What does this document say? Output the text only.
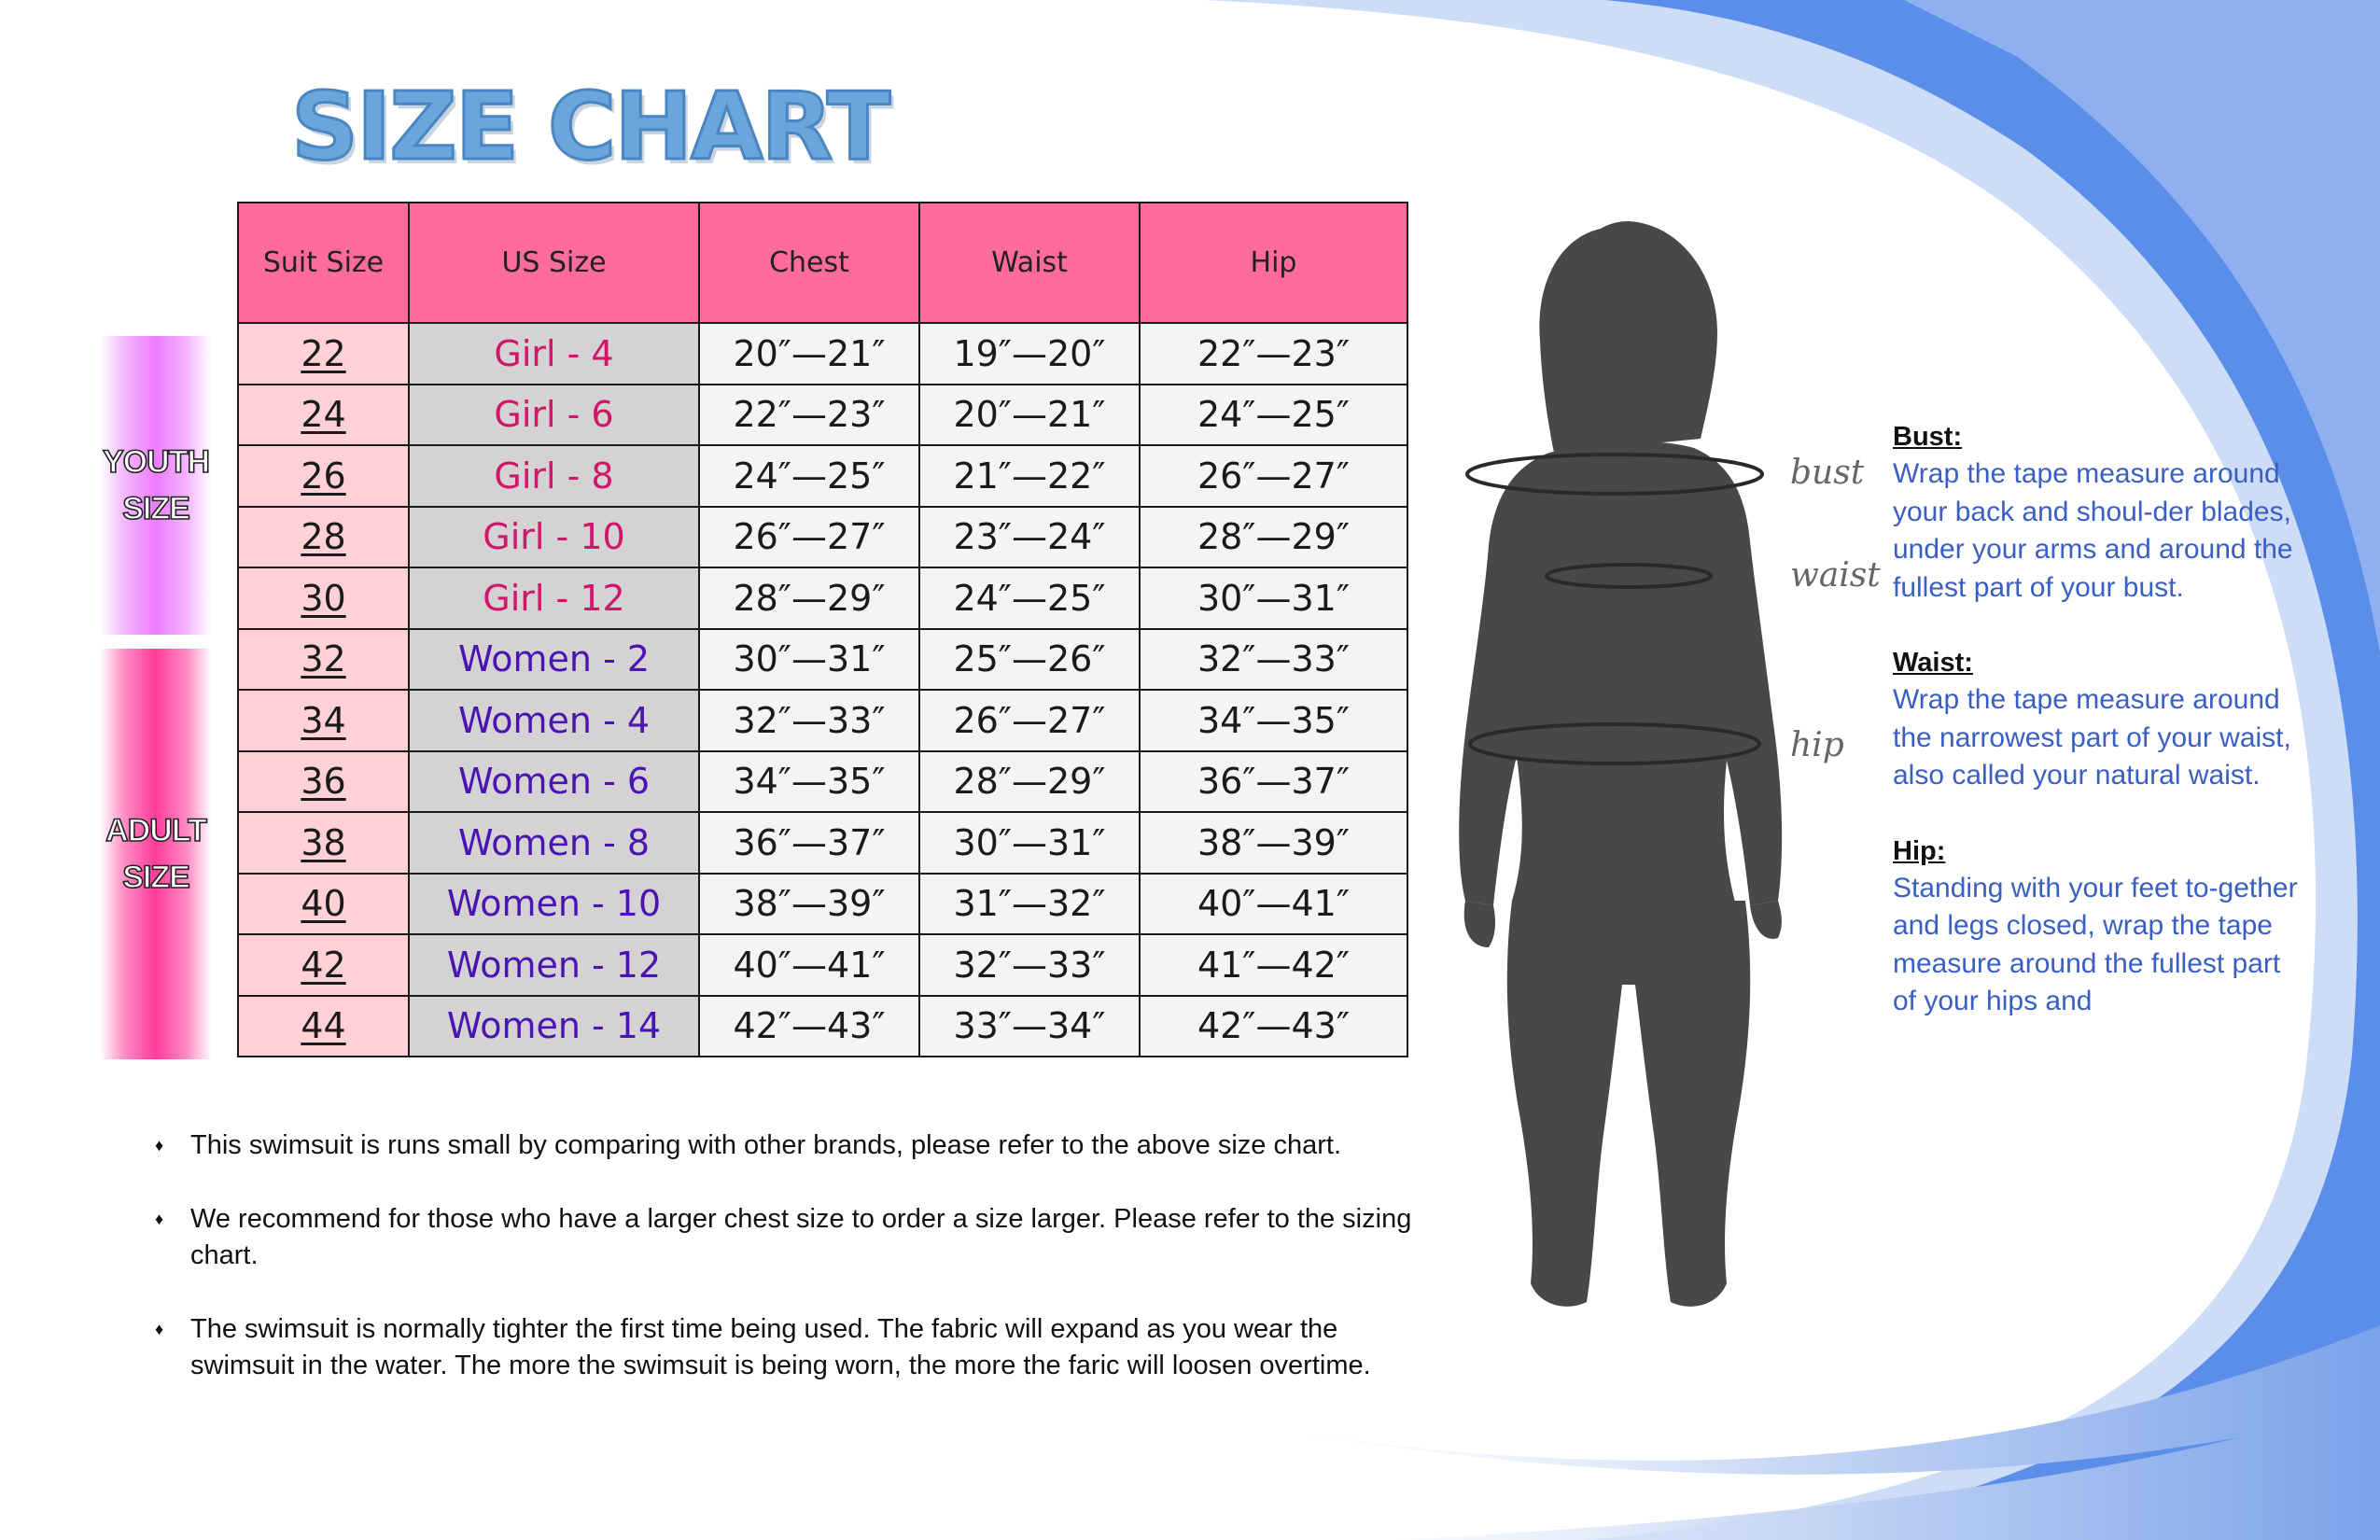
SIZE CHART
YOUTH
SIZE
ADULT
SIZE
Suit Size	US Size	Chest	Waist	Hip
22	Girl - 4	20″—21″	19″—20″	22″—23″
24	Girl - 6	22″—23″	20″—21″	24″—25″
26	Girl - 8	24″—25″	21″—22″	26″—27″
28	Girl - 10	26″—27″	23″—24″	28″—29″
30	Girl - 12	28″—29″	24″—25″	30″—31″
32	Women - 2	30″—31″	25″—26″	32″—33″
34	Women - 4	32″—33″	26″—27″	34″—35″
36	Women - 6	34″—35″	28″—29″	36″—37″
38	Women - 8	36″—37″	30″—31″	38″—39″
40	Women - 10	38″—39″	31″—32″	40″—41″
42	Women - 12	40″—41″	32″—33″	41″—42″
44	Women - 14	42″—43″	33″—34″	42″—43″
♦ This swimsuit is runs small by comparing with other brands, please refer to the above size chart.
♦ We recommend for those who have a larger chest size to order a size larger. Please refer to the sizing chart.
♦ The swimsuit is normally tighter the first time being used. The fabric will expand as you wear the swimsuit in the water. The more the swimsuit is being worn, the more the faric will loosen overtime.
bust
waist
hip
Bust:

Wrap the tape measure around your back and shoul-der blades, under your arms and around the fullest part of your bust.

Waist:

Wrap the tape measure around the narrowest part of your waist, also called your natural waist.

Hip:

Standing with your feet to-gether and legs closed, wrap the tape measure around the fullest part of your hips and
